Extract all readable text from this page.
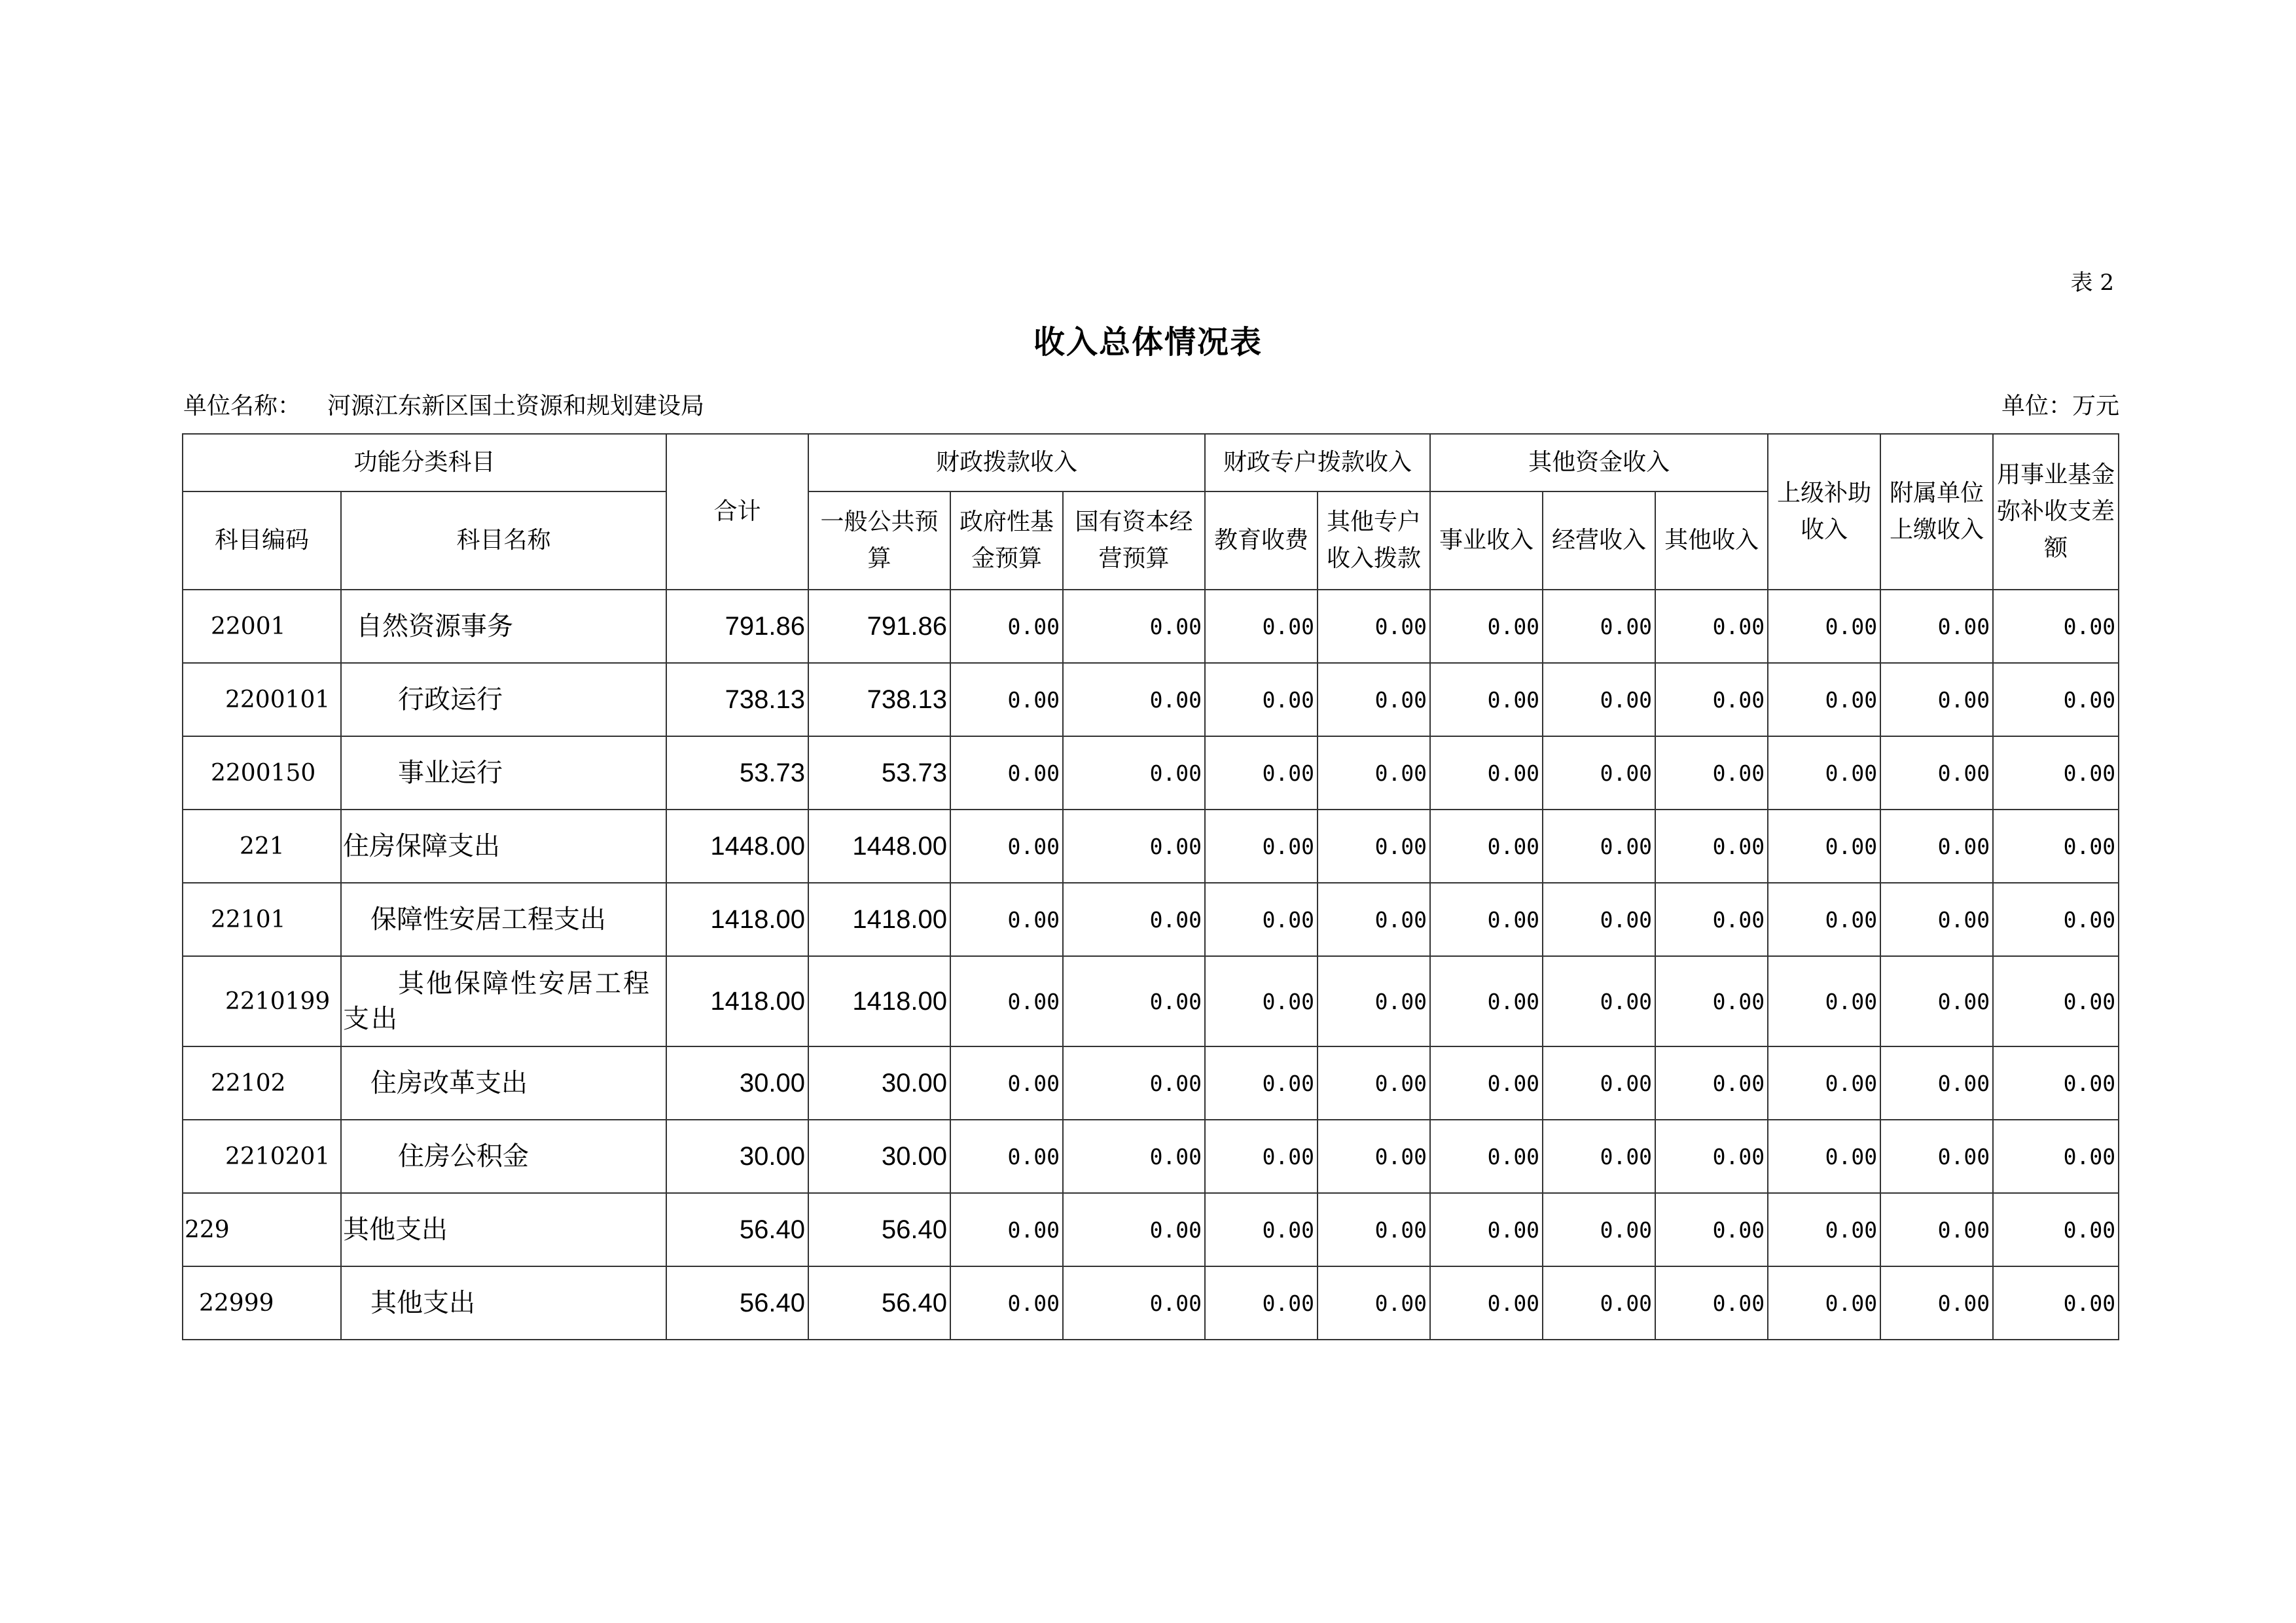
表 2
收入总体情况表
单位名称： 河源江东新区国土资源和规划建设局	单位：万元
功能分类科目		合计	财政拨款收入			财政专户拨款收入		其他资金收入			上级补助收入	附属单位上缴收入	用事业基金弥补收支差额
科目编码	科目名称		一般公共预算	政府性基金预算	国有资本经营预算	教育收费	其他专户收入拨款	事业收入	经营收入	其他收入			
22001	自然资源事务	791.86	791.86	0.00	0.00	0.00	0.00	0.00	0.00	0.00	0.00	0.00	0.00
2200101	行政运行	738.13	738.13	0.00	0.00	0.00	0.00	0.00	0.00	0.00	0.00	0.00	0.00
2200150	事业运行	53.73	53.73	0.00	0.00	0.00	0.00	0.00	0.00	0.00	0.00	0.00	0.00
221	住房保障支出	1448.00	1448.00	0.00	0.00	0.00	0.00	0.00	0.00	0.00	0.00	0.00	0.00
22101	保障性安居工程支出	1418.00	1418.00	0.00	0.00	0.00	0.00	0.00	0.00	0.00	0.00	0.00	0.00
2210199	其他保障性安居工程支出	1418.00	1418.00	0.00	0.00	0.00	0.00	0.00	0.00	0.00	0.00	0.00	0.00
22102	住房改革支出	30.00	30.00	0.00	0.00	0.00	0.00	0.00	0.00	0.00	0.00	0.00	0.00
2210201	住房公积金	30.00	30.00	0.00	0.00	0.00	0.00	0.00	0.00	0.00	0.00	0.00	0.00
229	其他支出	56.40	56.40	0.00	0.00	0.00	0.00	0.00	0.00	0.00	0.00	0.00	0.00
22999	其他支出	56.40	56.40	0.00	0.00	0.00	0.00	0.00	0.00	0.00	0.00	0.00	0.00
